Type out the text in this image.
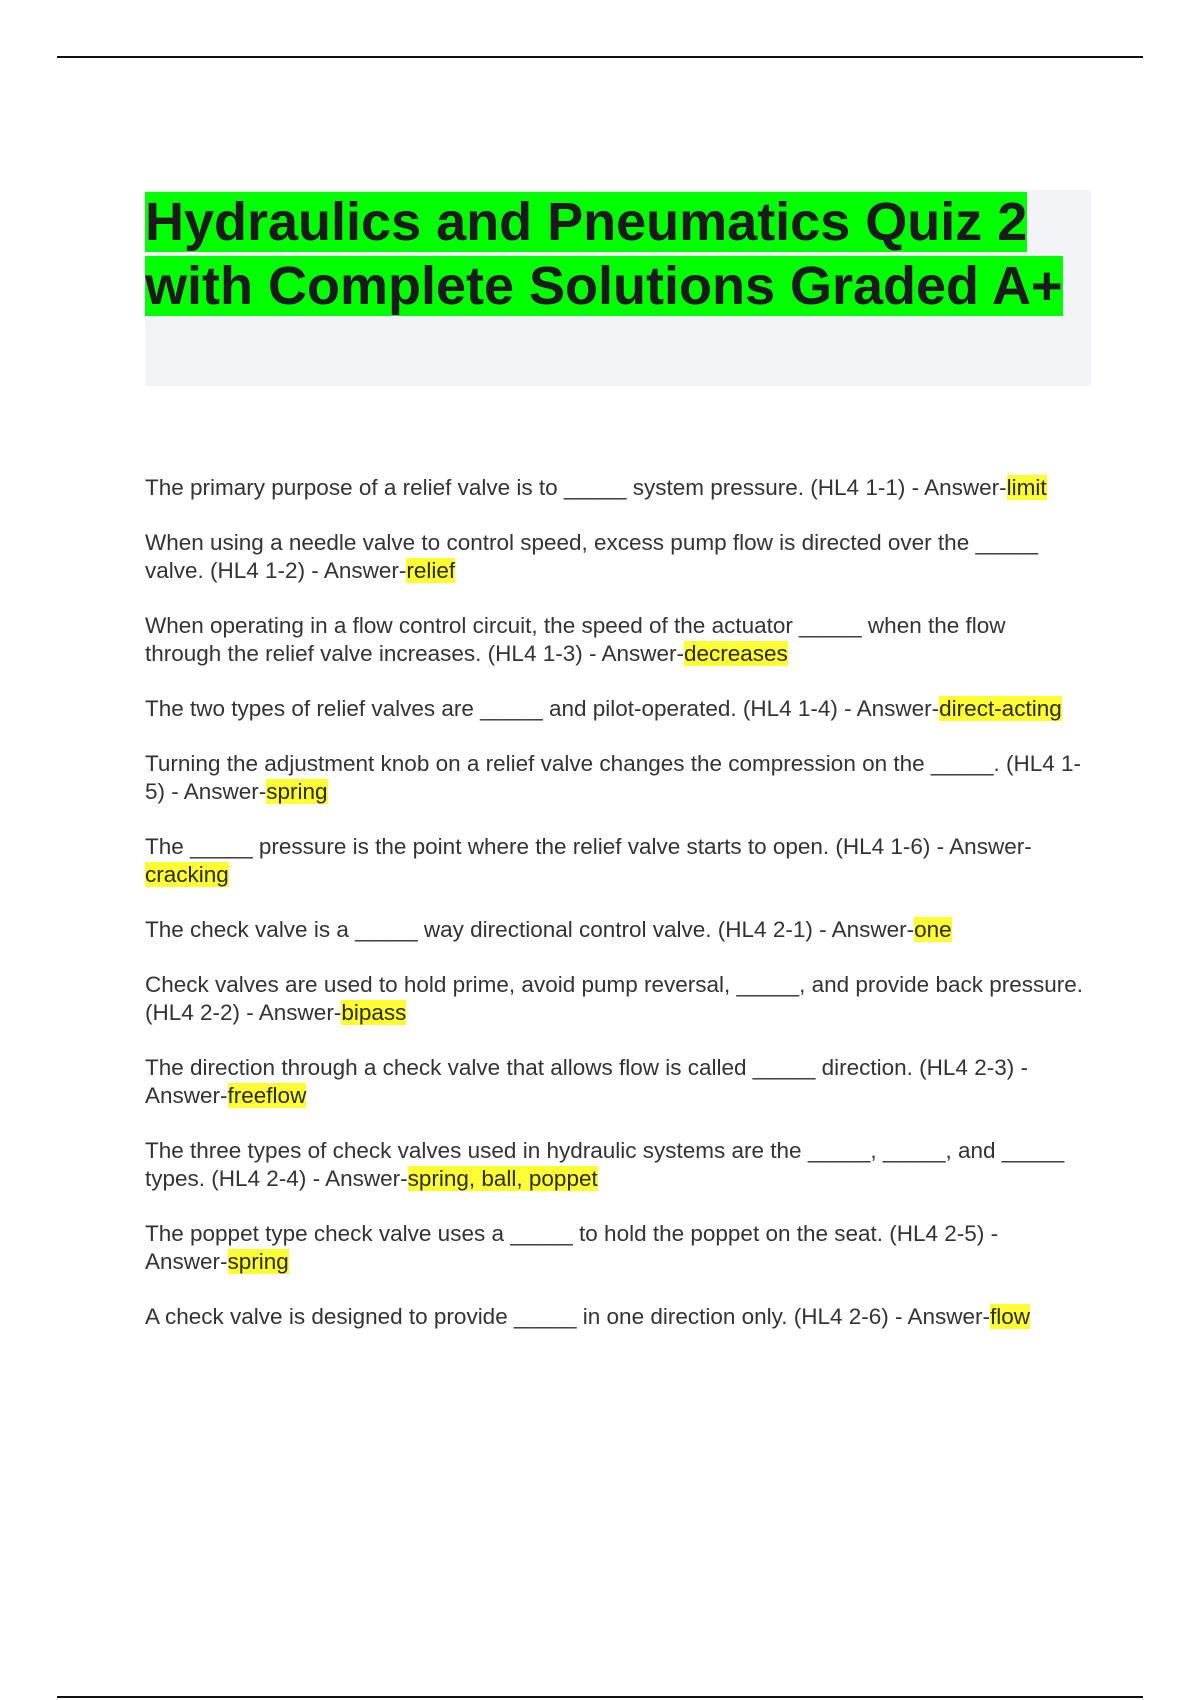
Hydraulics and Pneumatics Quiz 2 with Complete Solutions Graded A+

The primary purpose of a relief valve is to _____ system pressure. (HL4 1-1) - Answer-limit

When using a needle valve to control speed, excess pump flow is directed over the _____ valve. (HL4 1-2) - Answer-relief

When operating in a flow control circuit, the speed of the actuator _____ when the flow through the relief valve increases. (HL4 1-3) - Answer-decreases

The two types of relief valves are _____ and pilot-operated. (HL4 1-4) - Answer-direct-acting

Turning the adjustment knob on a relief valve changes the compression on the _____. (HL4 1-5) - Answer-spring

The _____ pressure is the point where the relief valve starts to open. (HL4 1-6) - Answer-cracking

The check valve is a _____ way directional control valve. (HL4 2-1) - Answer-one

Check valves are used to hold prime, avoid pump reversal, _____, and provide back pressure. (HL4 2-2) - Answer-bipass

The direction through a check valve that allows flow is called _____ direction. (HL4 2-3) - Answer-freeflow

The three types of check valves used in hydraulic systems are the _____, _____, and _____ types. (HL4 2-4) - Answer-spring, ball, poppet

The poppet type check valve uses a _____ to hold the poppet on the seat. (HL4 2-5) - Answer-spring

A check valve is designed to provide _____ in one direction only. (HL4 2-6) - Answer-flow
